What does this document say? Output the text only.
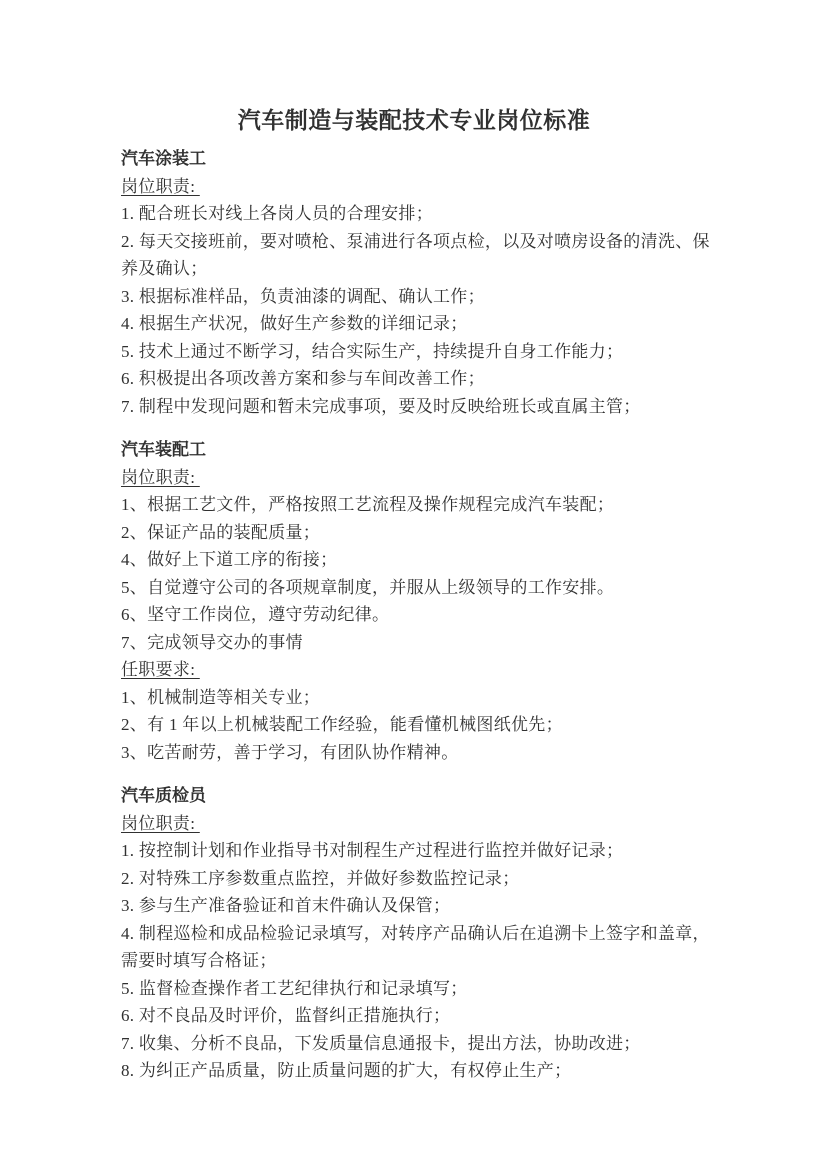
汽车制造与装配技术专业岗位标准
汽车涂装工
岗位职责:
1. 配合班长对线上各岗人员的合理安排；
2. 每天交接班前，要对喷枪、泵浦进行各项点检，以及对喷房设备的清洗、保
养及确认；
3. 根据标准样品，负责油漆的调配、确认工作；
4. 根据生产状况，做好生产参数的详细记录；
5. 技术上通过不断学习，结合实际生产，持续提升自身工作能力；
6. 积极提出各项改善方案和参与车间改善工作；
7. 制程中发现问题和暂未完成事项，要及时反映给班长或直属主管；
汽车装配工
岗位职责:
1、根据工艺文件，严格按照工艺流程及操作规程完成汽车装配；
2、保证产品的装配质量；
4、做好上下道工序的衔接；
5、自觉遵守公司的各项规章制度，并服从上级领导的工作安排。
6、坚守工作岗位，遵守劳动纪律。
7、完成领导交办的事情
任职要求:
1、机械制造等相关专业；
2、有 1 年以上机械装配工作经验，能看懂机械图纸优先；
3、吃苦耐劳，善于学习，有团队协作精神。
汽车质检员
岗位职责:
1. 按控制计划和作业指导书对制程生产过程进行监控并做好记录；
2. 对特殊工序参数重点监控，并做好参数监控记录；
3. 参与生产准备验证和首末件确认及保管；
4. 制程巡检和成品检验记录填写，对转序产品确认后在追溯卡上签字和盖章，
需要时填写合格证；
5. 监督检查操作者工艺纪律执行和记录填写；
6. 对不良品及时评价，监督纠正措施执行；
7. 收集、分析不良品，下发质量信息通报卡，提出方法，协助改进；
8. 为纠正产品质量，防止质量问题的扩大，有权停止生产；
